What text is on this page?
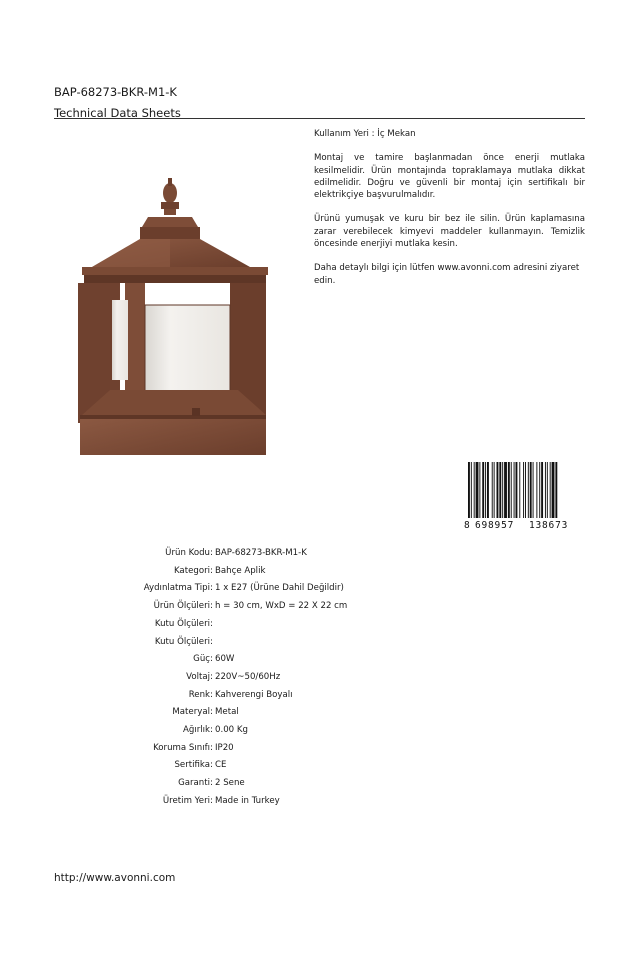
BAP-68273-BKR-M1-K
Technical Data Sheets

Kullanım Yeri : İç Mekan

Montaj ve tamire başlanmadan önce enerji mutlaka kesilmelidir. Ürün montajında topraklamaya mutlaka dikkat edilmelidir. Doğru ve güvenli bir montaj için sertifikalı bir elektrikçiye başvurulmalıdır.

Ürünü yumuşak ve kuru bir bez ile silin. Ürün kaplamasına zarar verebilecek kimyevi maddeler kullanmayın. Temizlik öncesinde enerjiyi mutlaka kesin.

Daha detaylı bilgi için lütfen www.avonni.com adresini ziyaret edin.

8 698957 138673
Ürün Kodu : BAP-68273-BKR-M1-K
Kategori : Bahçe Aplik
Aydınlatma Tipi : 1 x E27 (Ürüne Dahil Değildir)
Ürün Ölçüleri : h = 30 cm, WxD = 22 X 22 cm
Kutu Ölçüleri :
Kutu Ölçüleri :
Güç : 60W
Voltaj : 220V~50/60Hz
Renk : Kahverengi Boyalı
Materyal : Metal
Ağırlık : 0.00 Kg
Koruma Sınıfı : IP20
Sertifika : CE
Garanti : 2 Sene
Üretim Yeri : Made in Turkey
http://www.avonni.com
